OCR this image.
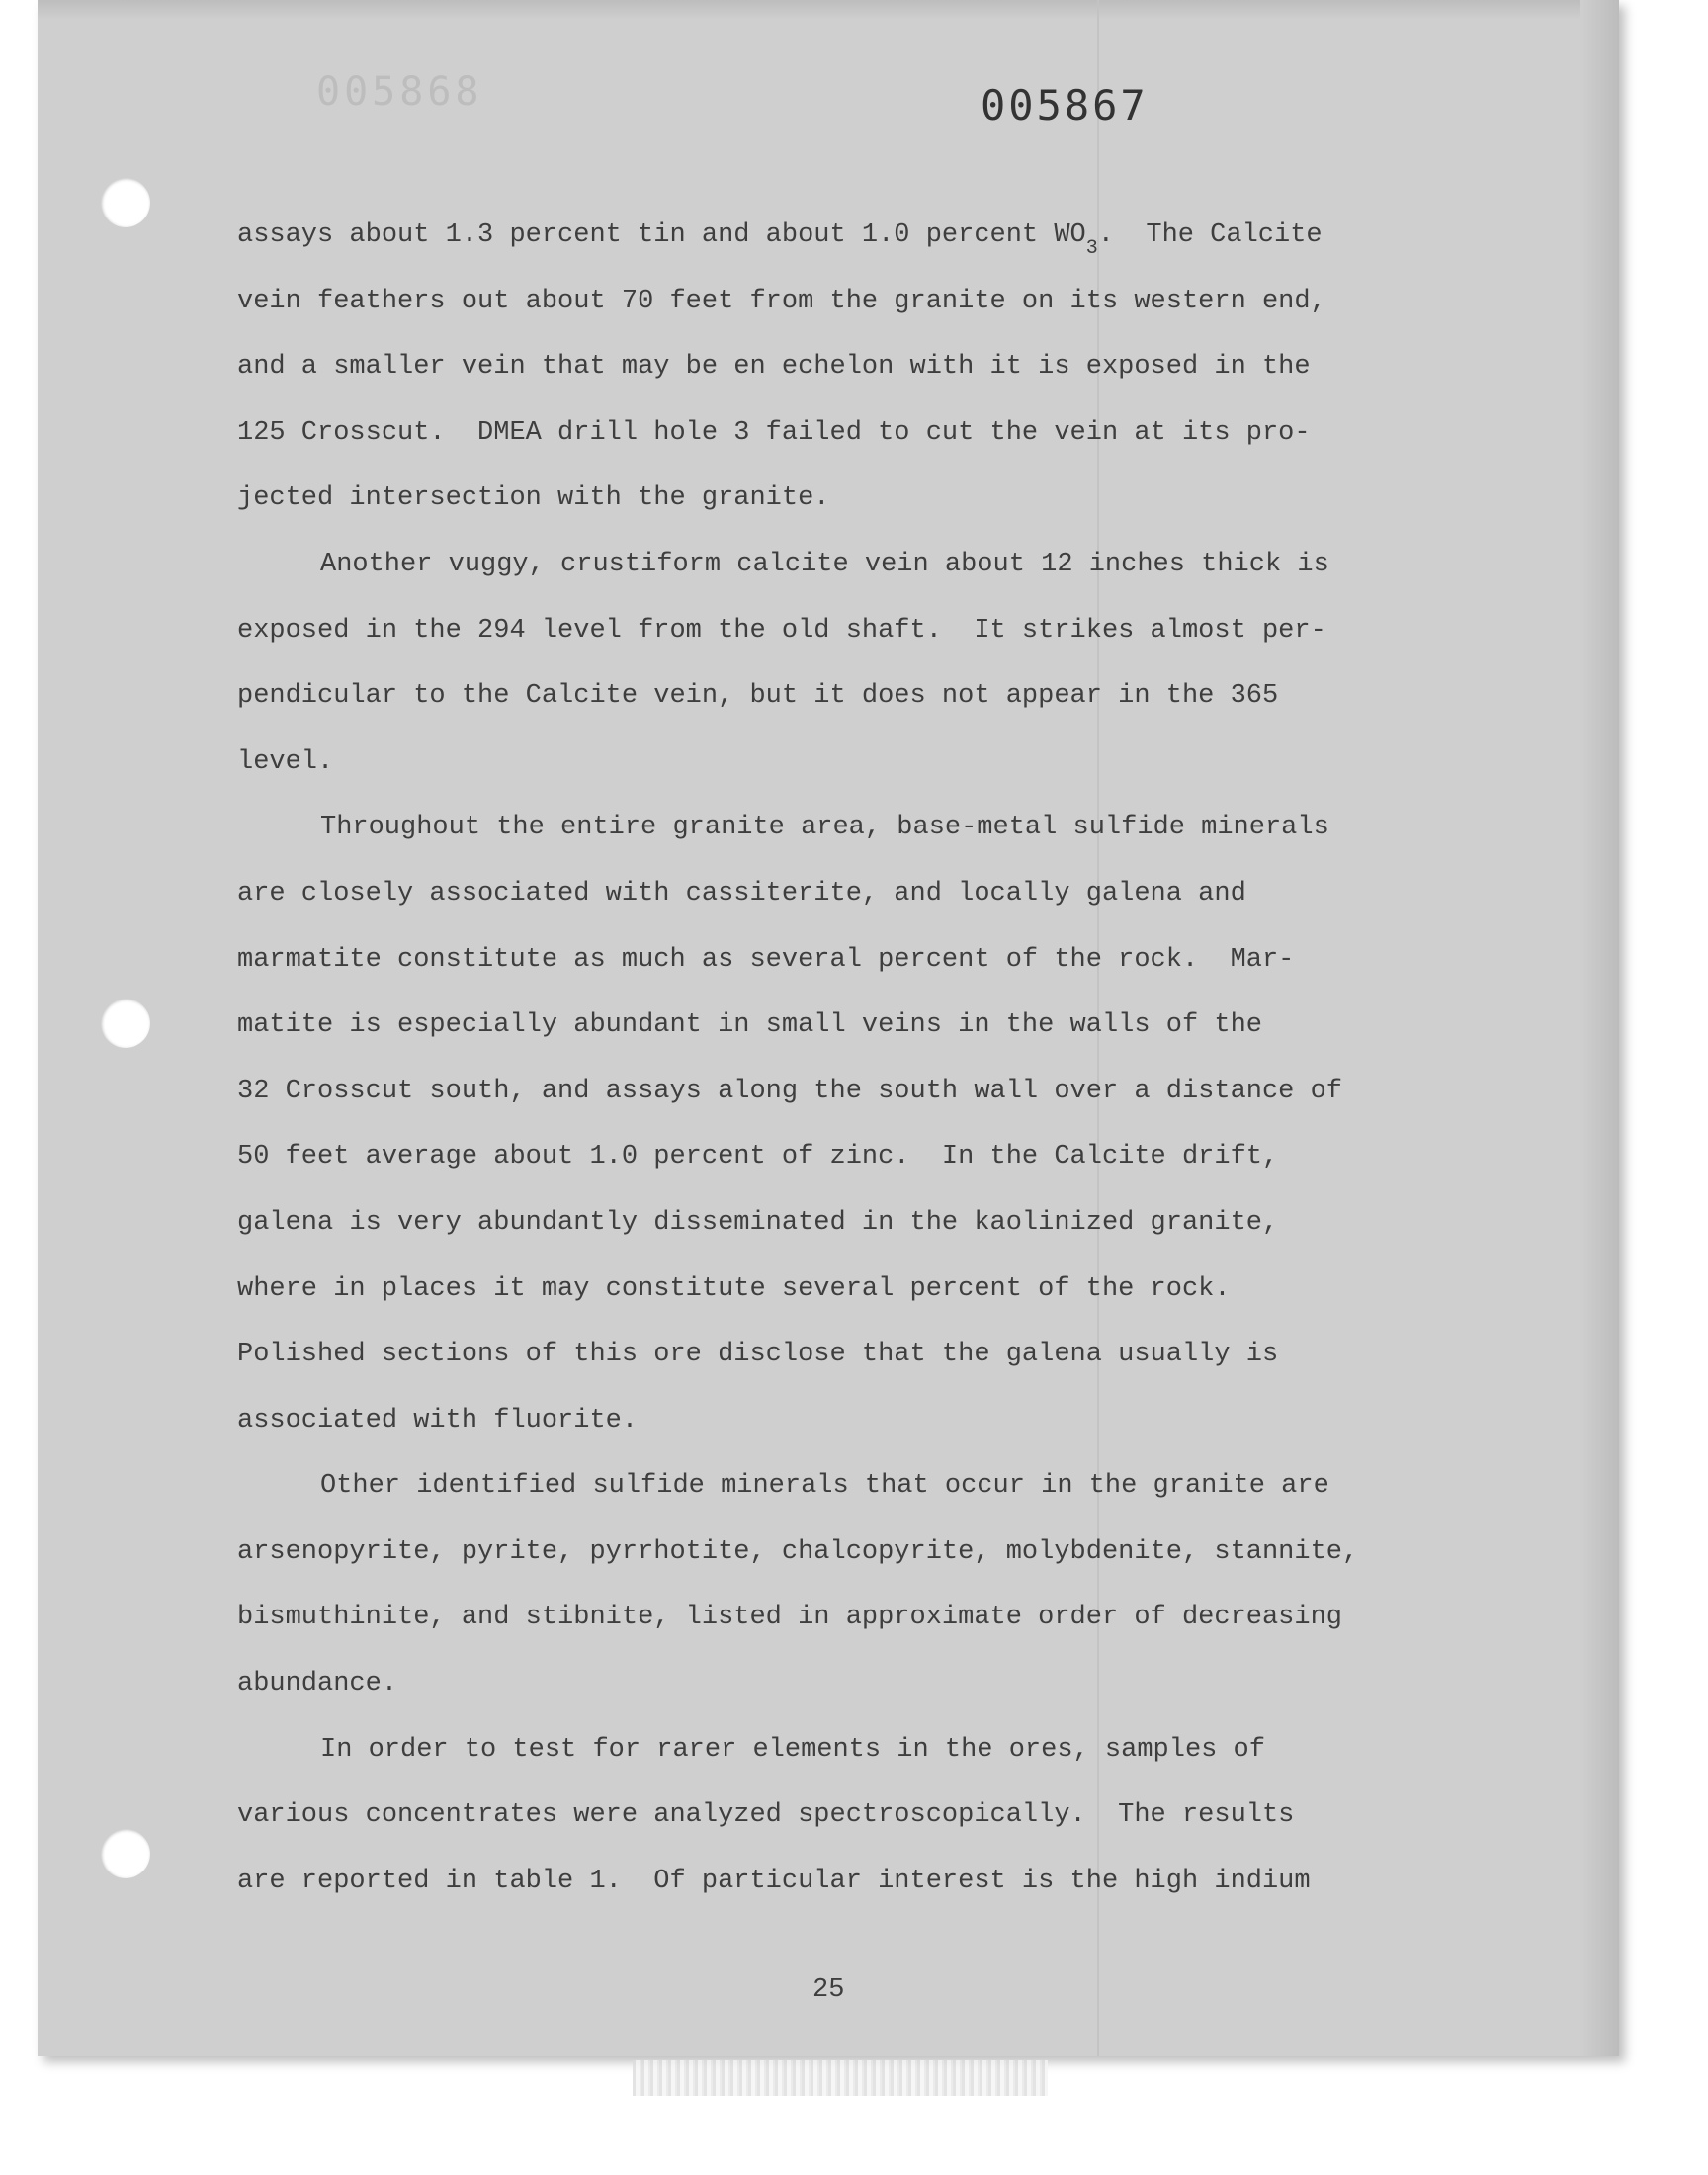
005868	005867
assays about 1.3 percent tin and about 1.0 percent $WO_3$.  The Calcite
vein feathers out about 70 feet from the granite on its western end,
and a smaller vein that may be en echelon with it is exposed in the
125 Crosscut.  DMEA drill hole 3 failed to cut the vein at its pro-
jected intersection with the granite.
Another vuggy, crustiform calcite vein about 12 inches thick is
exposed in the 294 level from the old shaft.  It strikes almost per-
pendicular to the Calcite vein, but it does not appear in the 365
level.
Throughout the entire granite area, base-metal sulfide minerals
are closely associated with cassiterite, and locally galena and
marmatite constitute as much as several percent of the rock.  Mar-
matite is especially abundant in small veins in the walls of the
32 Crosscut south, and assays along the south wall over a distance of
50 feet average about 1.0 percent of zinc.  In the Calcite drift,
galena is very abundantly disseminated in the kaolinized granite,
where in places it may constitute several percent of the rock.
Polished sections of this ore disclose that the galena usually is
associated with fluorite.
Other identified sulfide minerals that occur in the granite are
arsenopyrite, pyrite, pyrrhotite, chalcopyrite, molybdenite, stannite,
bismuthinite, and stibnite, listed in approximate order of decreasing
abundance.
In order to test for rarer elements in the ores, samples of
various concentrates were analyzed spectroscopically.  The results
are reported in table 1.  Of particular interest is the high indium
25
